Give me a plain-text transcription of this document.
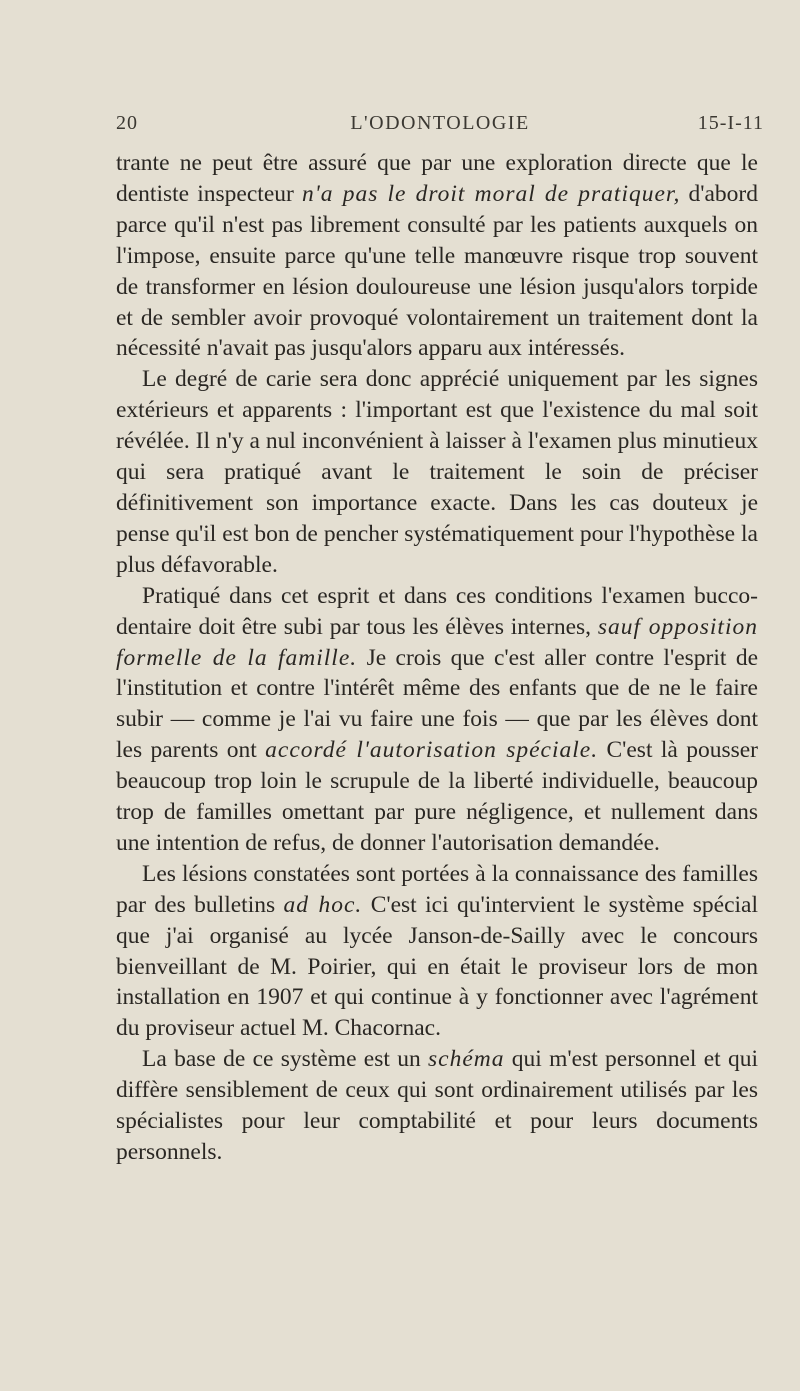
20	L'ODONTOLOGIE	15-I-11

trante ne peut être assuré que par une exploration directe que le dentiste inspecteur n'a pas le droit moral de pratiquer, d'abord parce qu'il n'est pas librement consulté par les patients auxquels on l'impose, ensuite parce qu'une telle manœuvre risque trop souvent de transformer en lésion douloureuse une lésion jusqu'alors torpide et de sembler avoir provoqué volontairement un traitement dont la nécessité n'avait pas jusqu'alors apparu aux intéressés.

Le degré de carie sera donc apprécié uniquement par les signes extérieurs et apparents : l'important est que l'existence du mal soit révélée. Il n'y a nul inconvénient à laisser à l'examen plus minutieux qui sera pratiqué avant le traitement le soin de préciser définitivement son importance exacte. Dans les cas douteux je pense qu'il est bon de pencher systématiquement pour l'hypothèse la plus défavorable.

Pratiqué dans cet esprit et dans ces conditions l'examen bucco-dentaire doit être subi par tous les élèves internes, sauf opposition formelle de la famille. Je crois que c'est aller contre l'esprit de l'institution et contre l'intérêt même des enfants que de ne le faire subir — comme je l'ai vu faire une fois — que par les élèves dont les parents ont accordé l'autorisation spéciale. C'est là pousser beaucoup trop loin le scrupule de la liberté individuelle, beaucoup trop de familles omettant par pure négligence, et nullement dans une intention de refus, de donner l'autorisation demandée.

Les lésions constatées sont portées à la connaissance des familles par des bulletins ad hoc. C'est ici qu'intervient le système spécial que j'ai organisé au lycée Janson-de-Sailly avec le concours bienveillant de M. Poirier, qui en était le proviseur lors de mon installation en 1907 et qui continue à y fonctionner avec l'agrément du proviseur actuel M. Chacornac.

La base de ce système est un schéma qui m'est personnel et qui diffère sensiblement de ceux qui sont ordinairement utilisés par les spécialistes pour leur comptabilité et pour leurs documents personnels.
